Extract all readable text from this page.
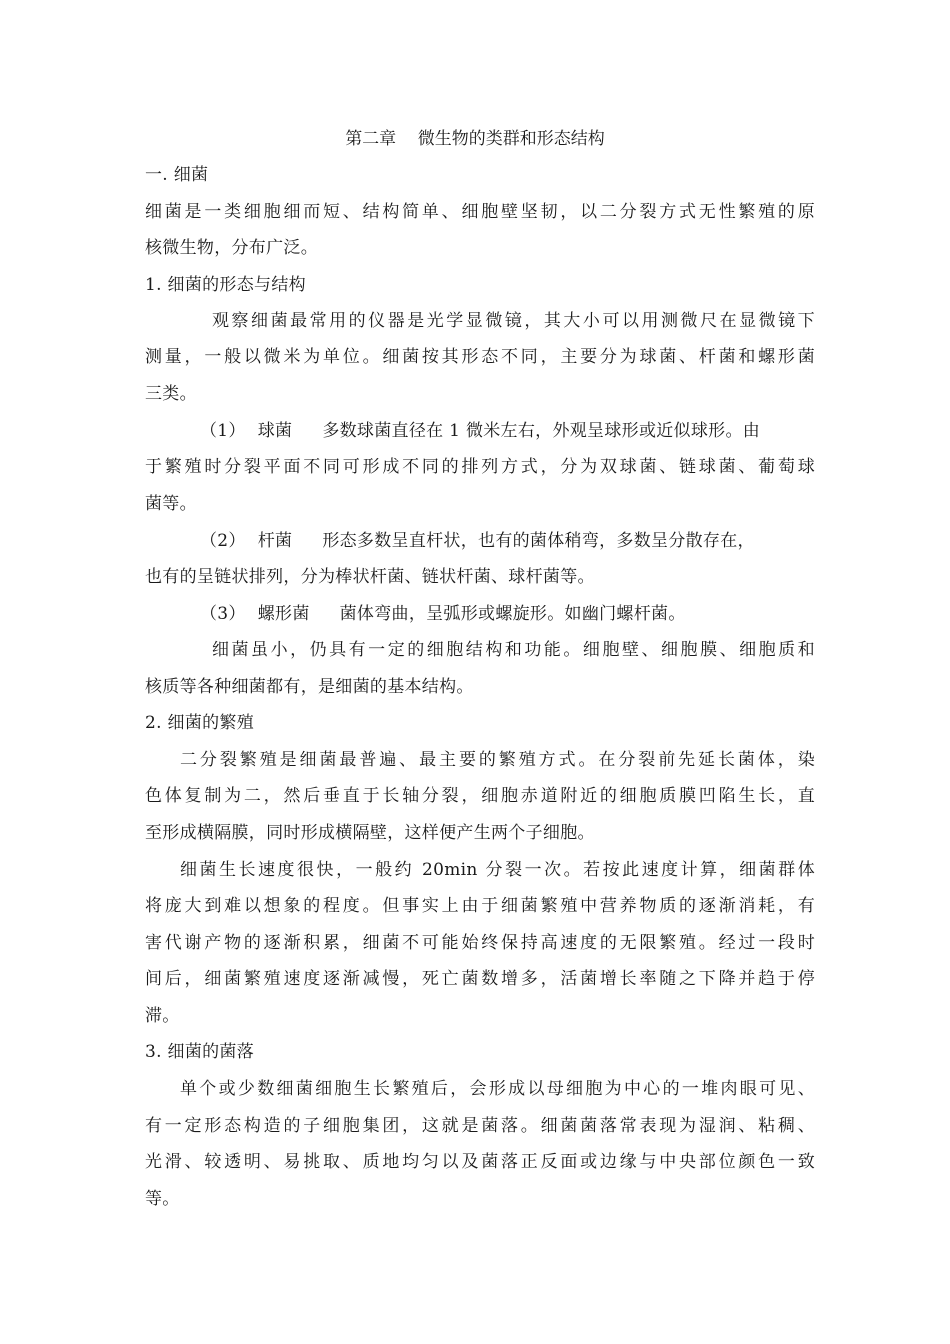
第二章    微生物的类群和形态结构
一. 细菌
细菌是一类细胞细而短、结构简单、细胞壁坚韧，以二分裂方式无性繁殖的原
核微生物，分布广泛。
1. 细菌的形态与结构
观察细菌最常用的仪器是光学显微镜，其大小可以用测微尺在显微镜下
测量，一般以微米为单位。细菌按其形态不同，主要分为球菌、杆菌和螺形菌
三类。
（1） 球菌 多数球菌直径在 1 微米左右，外观呈球形或近似球形。由
于繁殖时分裂平面不同可形成不同的排列方式，分为双球菌、链球菌、葡萄球
菌等。
（2） 杆菌 形态多数呈直杆状，也有的菌体稍弯，多数呈分散存在，
也有的呈链状排列，分为棒状杆菌、链状杆菌、球杆菌等。
（3） 螺形菌 菌体弯曲，呈弧形或螺旋形。如幽门螺杆菌。
细菌虽小，仍具有一定的细胞结构和功能。细胞壁、细胞膜、细胞质和
核质等各种细菌都有，是细菌的基本结构。
2. 细菌的繁殖
二分裂繁殖是细菌最普遍、最主要的繁殖方式。在分裂前先延长菌体，染
色体复制为二，然后垂直于长轴分裂，细胞赤道附近的细胞质膜凹陷生长，直
至形成横隔膜，同时形成横隔壁，这样便产生两个子细胞。
细菌生长速度很快，一般约 20min 分裂一次。若按此速度计算，细菌群体
将庞大到难以想象的程度。但事实上由于细菌繁殖中营养物质的逐渐消耗，有
害代谢产物的逐渐积累，细菌不可能始终保持高速度的无限繁殖。经过一段时
间后，细菌繁殖速度逐渐减慢，死亡菌数增多，活菌增长率随之下降并趋于停
滞。
3. 细菌的菌落
单个或少数细菌细胞生长繁殖后，会形成以母细胞为中心的一堆肉眼可见、
有一定形态构造的子细胞集团，这就是菌落。细菌菌落常表现为湿润、粘稠、
光滑、较透明、易挑取、质地均匀以及菌落正反面或边缘与中央部位颜色一致
等。
